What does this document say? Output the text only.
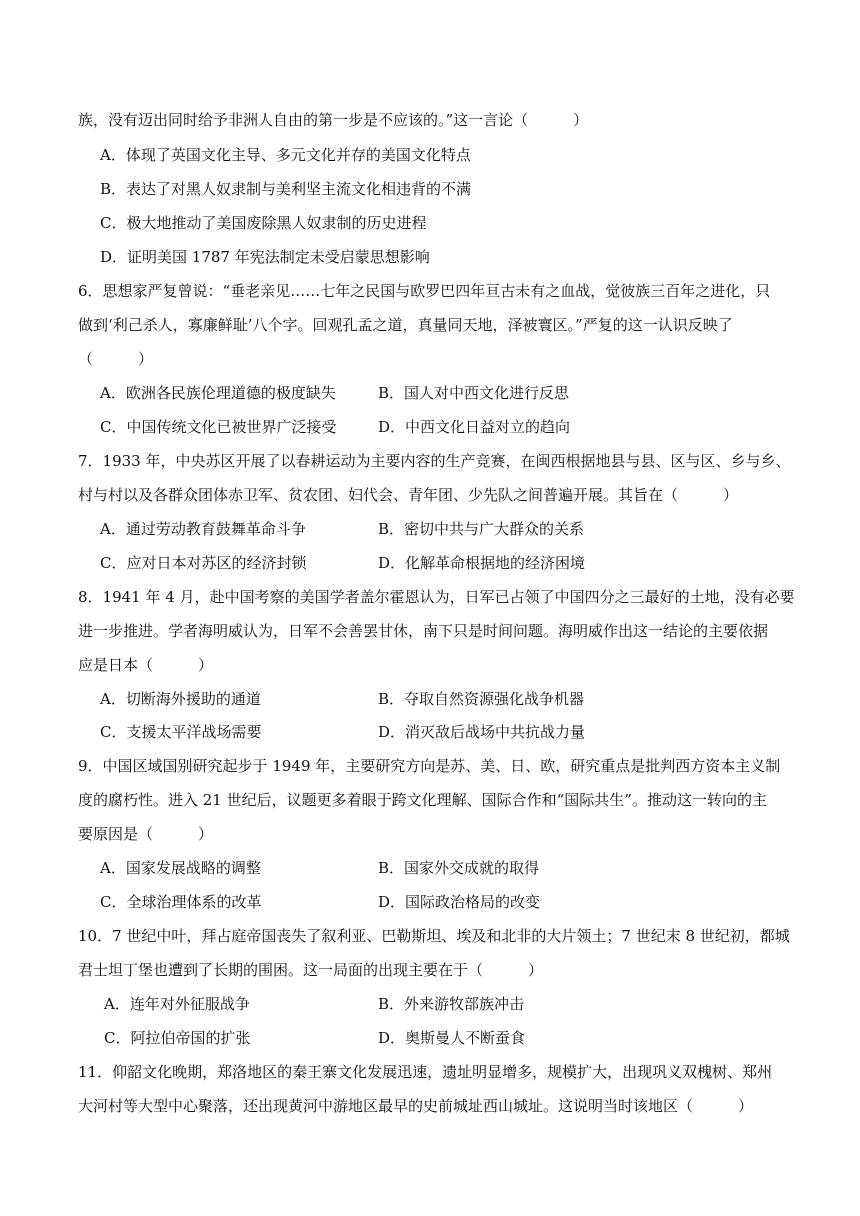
族，没有迈出同时给予非洲人自由的第一步是不应该的。”这一言论（　　　）
A．体现了英国文化主导、多元文化并存的美国文化特点
B．表达了对黑人奴隶制与美利坚主流文化相违背的不满
C．极大地推动了美国废除黑人奴隶制的历史进程
D．证明美国 1787 年宪法制定未受启蒙思想影响
6．思想家严复曾说：“垂老亲见……七年之民国与欧罗巴四年亘古未有之血战，觉彼族三百年之进化，只
做到‘利己杀人，寡廉鲜耻’八个字。回观孔孟之道，真量同天地，泽被寰区。”严复的这一认识反映了
（　　　）
A．欧洲各民族伦理道德的极度缺失	B．国人对中西文化进行反思
C．中国传统文化已被世界广泛接受	D．中西文化日益对立的趋向
7．1933 年，中央苏区开展了以春耕运动为主要内容的生产竞赛，在闽西根据地县与县、区与区、乡与乡、
村与村以及各群众团体赤卫军、贫农团、妇代会、青年团、少先队之间普遍开展。其旨在（　　　）
A．通过劳动教育鼓舞革命斗争	B．密切中共与广大群众的关系
C．应对日本对苏区的经济封锁	D．化解革命根据地的经济困境
8．1941 年 4 月，赴中国考察的美国学者盖尔霍恩认为，日军已占领了中国四分之三最好的土地，没有必要
进一步推进。学者海明威认为，日军不会善罢甘休，南下只是时间问题。海明威作出这一结论的主要依据
应是日本（　　　）
A．切断海外援助的通道	B．夺取自然资源强化战争机器
C．支援太平洋战场需要	D．消灭敌后战场中共抗战力量
9．中国区域国别研究起步于 1949 年，主要研究方向是苏、美、日、欧，研究重点是批判西方资本主义制
度的腐朽性。进入 21 世纪后，议题更多着眼于跨文化理解、国际合作和“国际共生”。推动这一转向的主
要原因是（　　　）
A．国家发展战略的调整	B．国家外交成就的取得
C．全球治理体系的改革	D．国际政治格局的改变
10．7 世纪中叶，拜占庭帝国丧失了叙利亚、巴勒斯坦、埃及和北非的大片领土；7 世纪末 8 世纪初，都城
君士坦丁堡也遭到了长期的围困。这一局面的出现主要在于（　　　）
A．连年对外征服战争	B．外来游牧部族冲击
C．阿拉伯帝国的扩张	D．奥斯曼人不断蚕食
11．仰韶文化晚期，郑洛地区的秦王寨文化发展迅速，遗址明显增多，规模扩大，出现巩义双槐树、郑州
大河村等大型中心聚落，还出现黄河中游地区最早的史前城址西山城址。这说明当时该地区（　　　）
